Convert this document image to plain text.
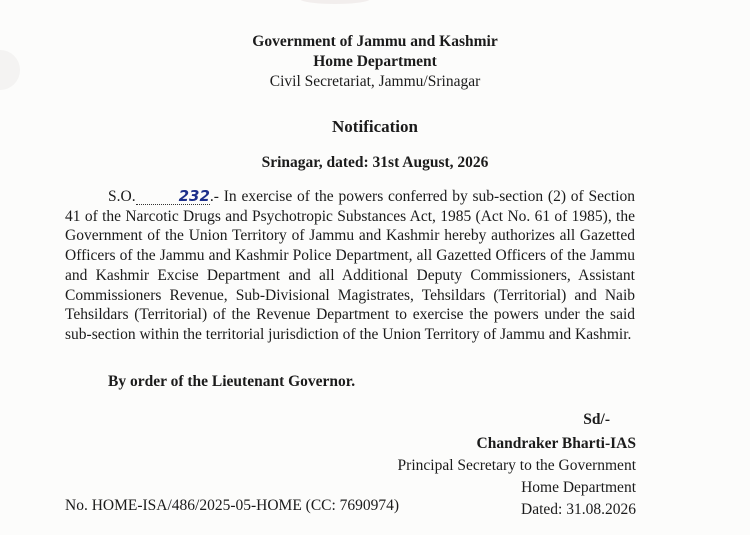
Government of Jammu and Kashmir
Home Department
Civil Secretariat, Jammu/Srinagar
Notification
Srinagar, dated: 31st August, 2026
S.O.	232.- In exercise of the powers conferred by sub-section (2) of Section 41 of the Narcotic Drugs and Psychotropic Substances Act, 1985 (Act No. 61 of 1985), the Government of the Union Territory of Jammu and Kashmir hereby authorizes all Gazetted Officers of the Jammu and Kashmir Police Department, all Gazetted Officers of the Jammu and Kashmir Excise Department and all Additional Deputy Commissioners, Assistant Commissioners Revenue, Sub-Divisional Magistrates, Tehsildars (Territorial) and Naib Tehsildars (Territorial) of the Revenue Department to exercise the powers under the said sub-section within the territorial jurisdiction of the Union Territory of Jammu and Kashmir.
By order of the Lieutenant Governor.
Sd/-
Chandraker Bharti-IAS
Principal Secretary to the Government
Home Department
Dated: 31.08.2026
No. HOME-ISA/486/2025-05-HOME (CC: 7690974)
